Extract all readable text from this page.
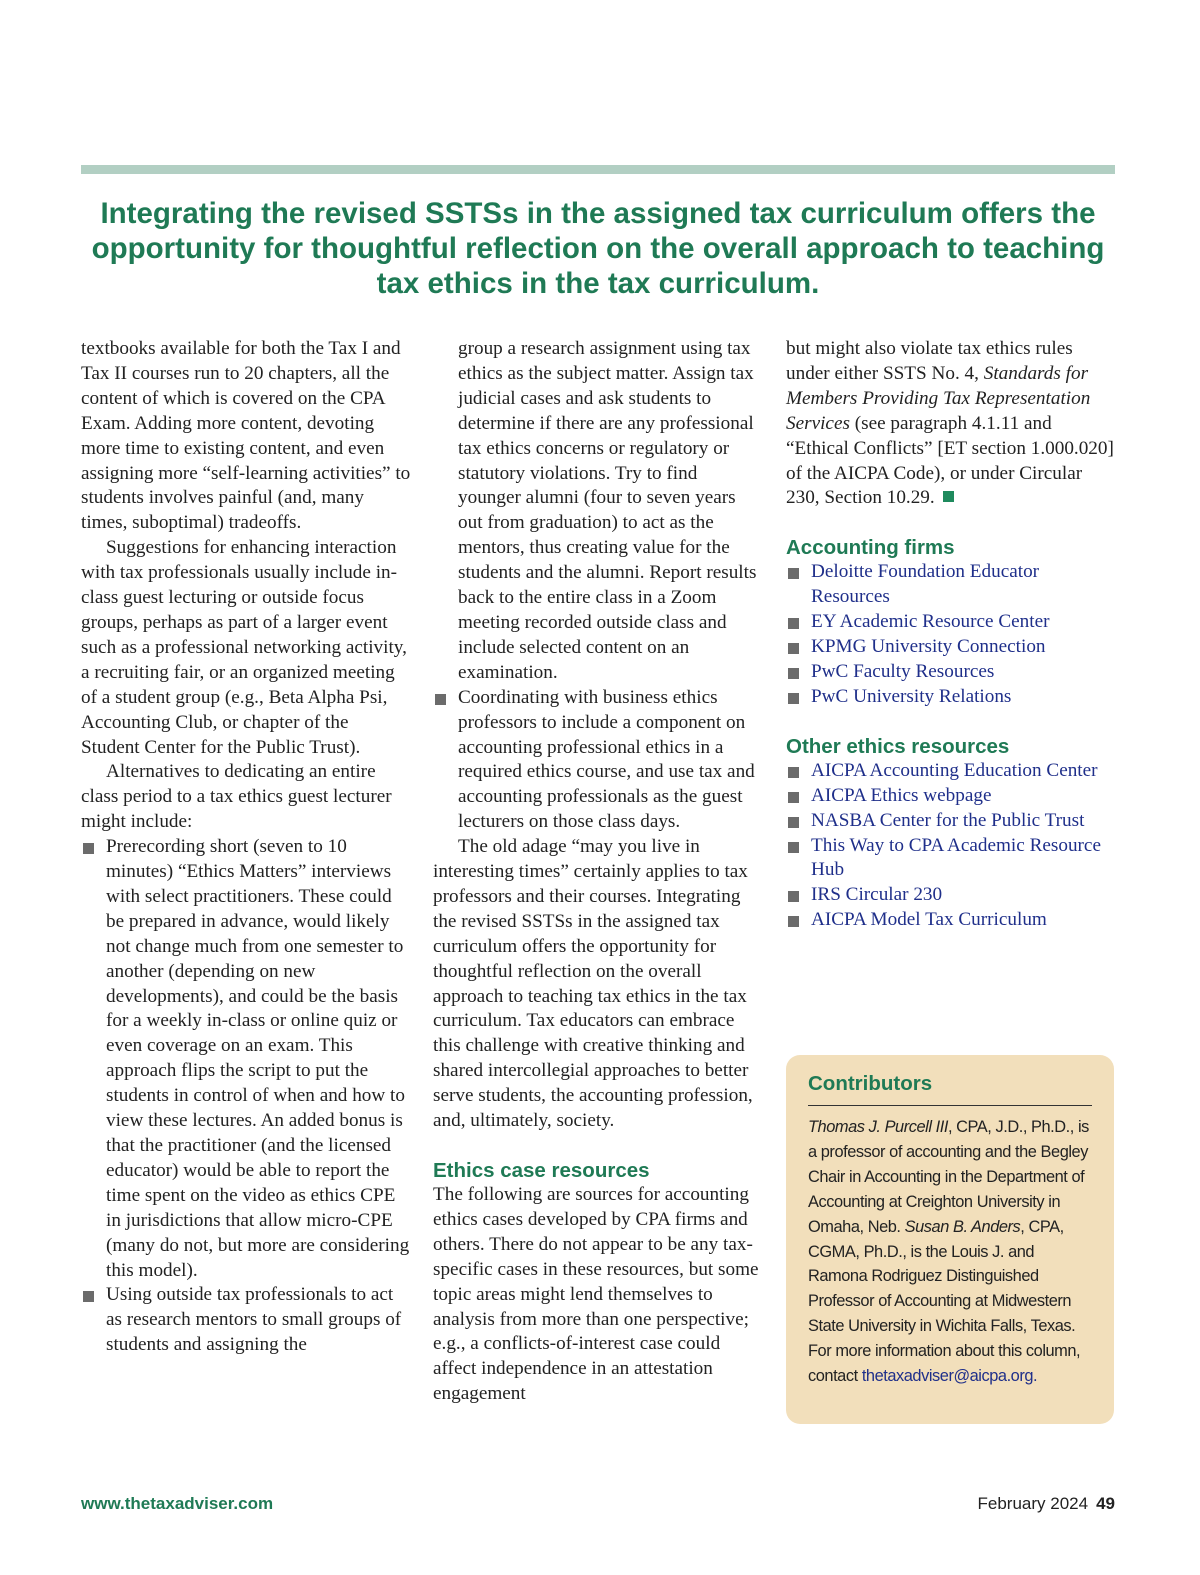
Integrating the revised SSTSs in the assigned tax curriculum offers the opportunity for thoughtful reflection on the overall approach to teaching tax ethics in the tax curriculum.

textbooks available for both the Tax I and Tax II courses run to 20 chapters, all the content of which is covered on the CPA Exam. Adding more content, devoting more time to existing content, and even assigning more “self-learning activities” to students involves painful (and, many times, suboptimal) tradeoffs.

Suggestions for enhancing interaction with tax professionals usually include in-class guest lecturing or outside focus groups, perhaps as part of a larger event such as a professional networking activity, a recruiting fair, or an organized meeting of a student group (e.g., Beta Alpha Psi, Accounting Club, or chapter of the Student Center for the Public Trust).

Alternatives to dedicating an entire class period to a tax ethics guest lecturer might include:

Prerecording short (seven to 10 minutes) “Ethics Matters” interviews with select practitioners. These could be prepared in advance, would likely not change much from one semester to another (depending on new developments), and could be the basis for a weekly in-class or online quiz or even coverage on an exam. This approach flips the script to put the students in control of when and how to view these lectures. An added bonus is that the practitioner (and the licensed educator) would be able to report the time spent on the video as ethics CPE in jurisdictions that allow micro-CPE (many do not, but more are considering this model).
Using outside tax professionals to act as research mentors to small groups of students and assigning the

group a research assignment using tax ethics as the subject matter. Assign tax judicial cases and ask students to determine if there are any professional tax ethics concerns or regulatory or statutory violations. Try to find younger alumni (four to seven years out from graduation) to act as the mentors, thus creating value for the students and the alumni. Report results back to the entire class in a Zoom meeting recorded outside class and include selected content on an examination.

Coordinating with business ethics professors to include a component on accounting professional ethics in a required ethics course, and use tax and accounting professionals as the guest lecturers on those class days.

The old adage “may you live in interesting times” certainly applies to tax professors and their courses. Integrating the revised SSTSs in the assigned tax curriculum offers the opportunity for thoughtful reflection on the overall approach to teaching tax ethics in the tax curriculum. Tax educators can embrace this challenge with creative thinking and shared intercollegial approaches to better serve students, the accounting profession, and, ultimately, society.

Ethics case resources

The following are sources for accounting ethics cases developed by CPA firms and others. There do not appear to be any tax-specific cases in these resources, but some topic areas might lend themselves to analysis from more than one perspective; e.g., a conflicts-of-interest case could affect independence in an attestation engagement

but might also violate tax ethics rules under either SSTS No. 4, Standards for Members Providing Tax Representation Services (see paragraph 4.1.11 and “Ethical Conflicts” [ET section 1.000.020] of the AICPA Code), or under Circular 230, Section 10.29.

Accounting firms
Deloitte Foundation Educator Resources
EY Academic Resource Center
KPMG University Connection
PwC Faculty Resources
PwC University Relations
Other ethics resources
AICPA Accounting Education Center
AICPA Ethics webpage
NASBA Center for the Public Trust
This Way to CPA Academic Resource Hub
IRS Circular 230
AICPA Model Tax Curriculum
Contributors

Thomas J. Purcell III, CPA, J.D., Ph.D., is a professor of accounting and the Begley Chair in Accounting in the Department of Accounting at Creighton University in Omaha, Neb. Susan B. Anders, CPA, CGMA, Ph.D., is the Louis J. and Ramona Rodriguez Distinguished Professor of Accounting at Midwestern State University in Wichita Falls, Texas. For more information about this column, contact thetaxadviser@aicpa.org.

www.thetaxadviser.com	February 2024 49
